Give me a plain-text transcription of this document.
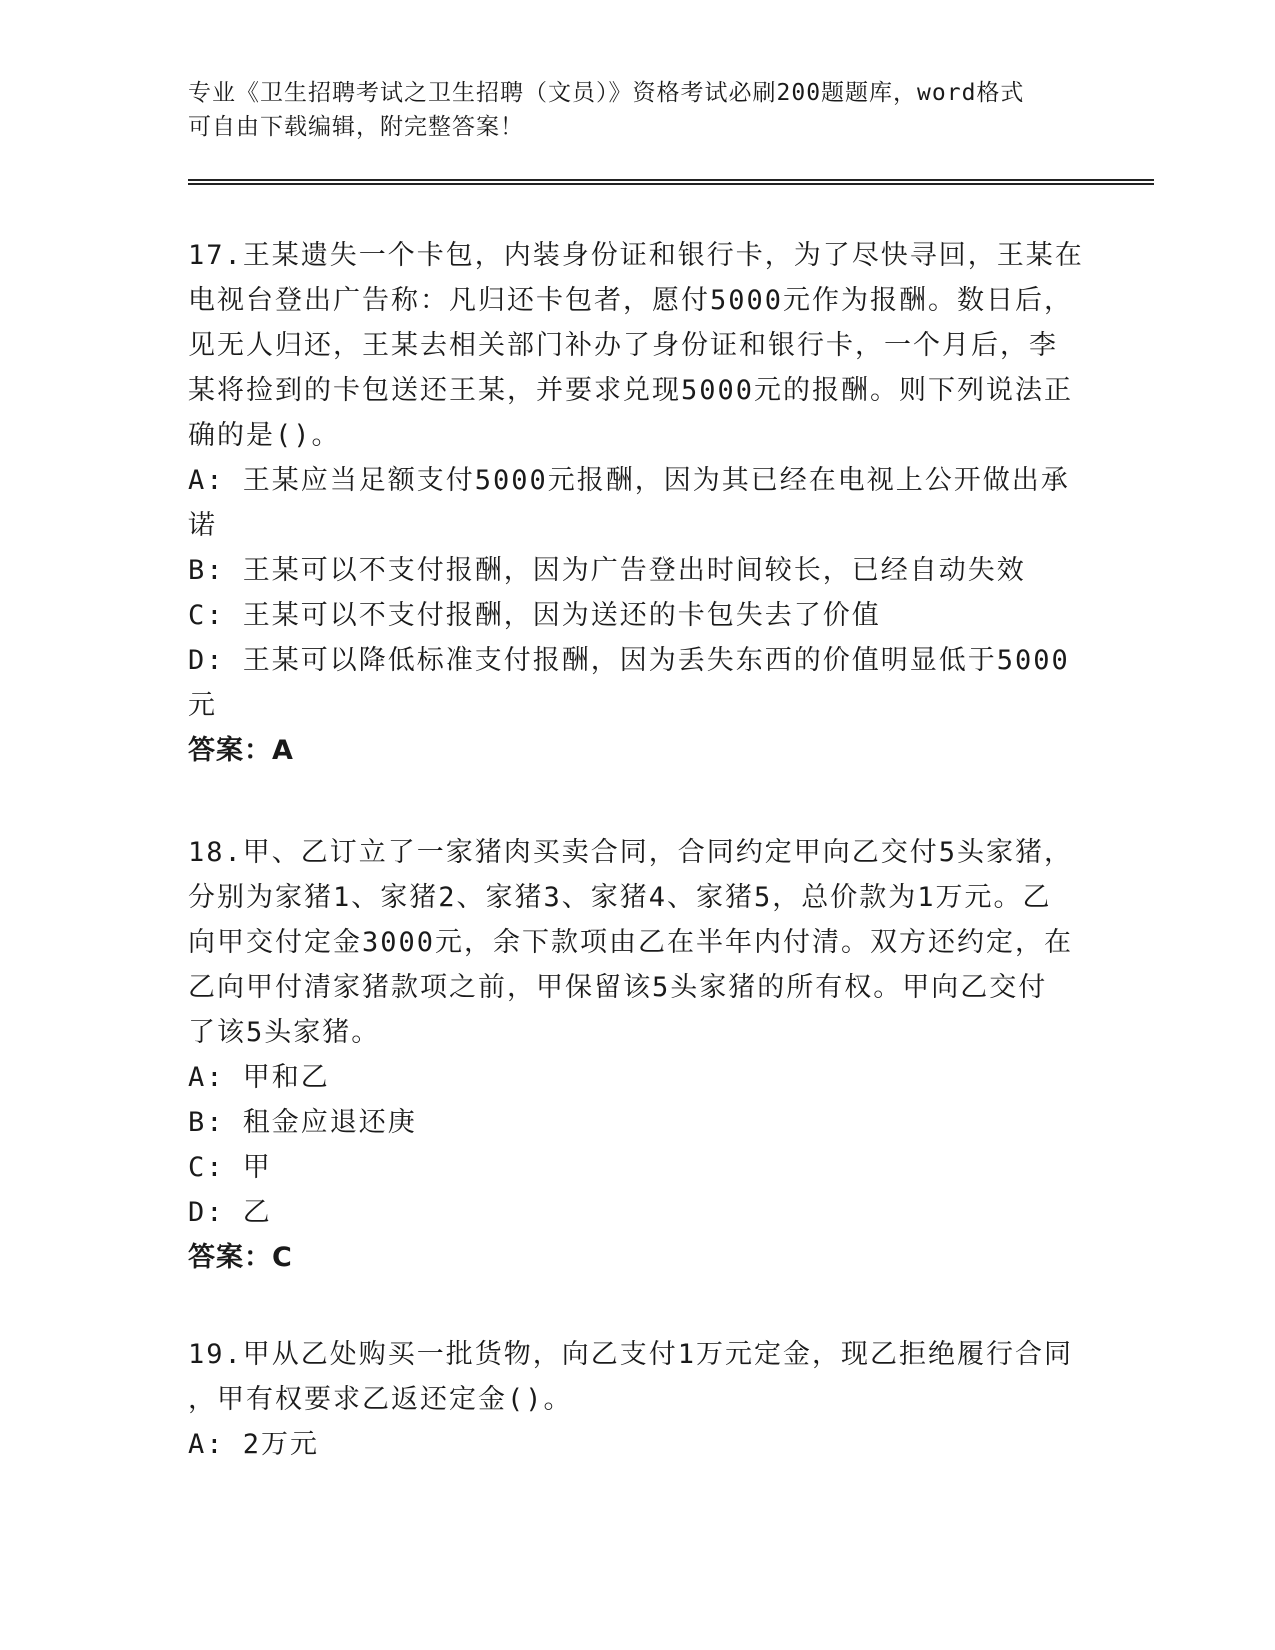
专业《卫生招聘考试之卫生招聘（文员）》资格考试必刷200题题库，word格式
可自由下载编辑，附完整答案！
17.王某遗失一个卡包，内装身份证和银行卡，为了尽快寻回，王某在
电视台登出广告称：凡归还卡包者，愿付5000元作为报酬。数日后，
见无人归还，王某去相关部门补办了身份证和银行卡，一个月后，李
某将捡到的卡包送还王某，并要求兑现5000元的报酬。则下列说法正
确的是()。
A: 王某应当足额支付5000元报酬，因为其已经在电视上公开做出承
诺
B: 王某可以不支付报酬，因为广告登出时间较长，已经自动失效
C: 王某可以不支付报酬，因为送还的卡包失去了价值
D: 王某可以降低标准支付报酬，因为丢失东西的价值明显低于5000
元
答案：A
18.甲、乙订立了一家猪肉买卖合同，合同约定甲向乙交付5头家猪，
分别为家猪1、家猪2、家猪3、家猪4、家猪5，总价款为1万元。乙
向甲交付定金3000元，余下款项由乙在半年内付清。双方还约定，在
乙向甲付清家猪款项之前，甲保留该5头家猪的所有权。甲向乙交付
了该5头家猪。
A: 甲和乙
B: 租金应退还庚
C: 甲
D: 乙
答案：C
19.甲从乙处购买一批货物，向乙支付1万元定金，现乙拒绝履行合同
，甲有权要求乙返还定金()。
A: 2万元
